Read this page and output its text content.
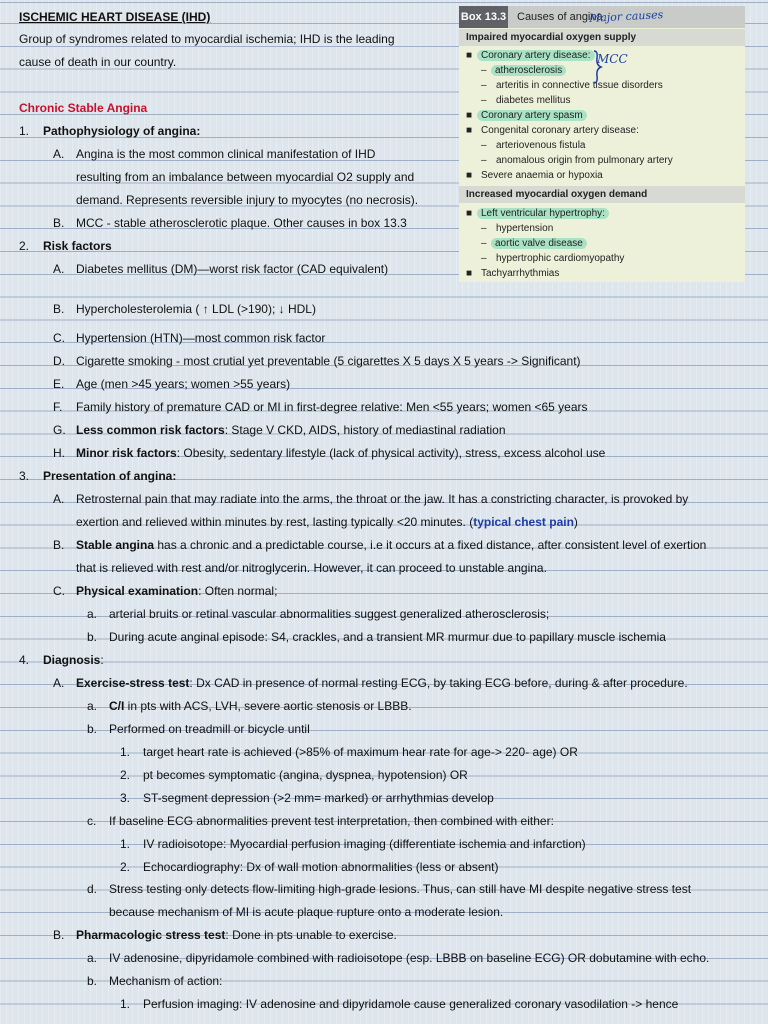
ISCHEMIC HEART DISEASE (IHD)
Group of syndromes related to myocardial ischemia; IHD is the leading
cause of death in our country.
Chronic Stable Angina
Box 13.3 Causes of angina
Major causes
Impaired myocardial oxygen supply
■ Coronary artery disease:
– atherosclerosis
– arteritis in connective tissue disorders
– diabetes mellitus
■ Coronary artery spasm
■ Congenital coronary artery disease:
– arteriovenous fistula
– anomalous origin from pulmonary artery
■ Severe anaemia or hypoxia
MCC
Increased myocardial oxygen demand
■ Left ventricular hypertrophy:
– hypertension
– aortic valve disease
– hypertrophic cardiomyopathy
■ Tachyarrhythmias
1. Pathophysiology of angina:
A. Angina is the most common clinical manifestation of IHD
resulting from an imbalance between myocardial O2 supply and
demand. Represents reversible injury to myocytes (no necrosis).
B. MCC - stable atherosclerotic plaque. Other causes in box 13.3
2. Risk factors
A. Diabetes mellitus (DM)—worst risk factor (CAD equivalent)
B. Hypercholesterolemia ( ↑ LDL (>190); ↓ HDL)
C. Hypertension (HTN)—most common risk factor
D. Cigarette smoking - most crutial yet preventable (5 cigarettes X 5 days X 5 years -> Significant)
E. Age (men >45 years; women >55 years)
F. Family history of premature CAD or MI in first-degree relative: Men <55 years; women <65 years
G. Less common risk factors: Stage V CKD, AIDS, history of mediastinal radiation
H. Minor risk factors: Obesity, sedentary lifestyle (lack of physical activity), stress, excess alcohol use
3. Presentation of angina:
A. Retrosternal pain that may radiate into the arms, the throat or the jaw. It has a constricting character, is provoked by
exertion and relieved within minutes by rest, lasting typically <20 minutes. (typical chest pain)
B. Stable angina has a chronic and a predictable course, i.e it occurs at a fixed distance, after consistent level of exertion
that is relieved with rest and/or nitroglycerin. However, it can proceed to unstable angina.
C. Physical examination: Often normal;
a. arterial bruits or retinal vascular abnormalities suggest generalized atherosclerosis;
b. During acute anginal episode: S4, crackles, and a transient MR murmur due to papillary muscle ischemia
4. Diagnosis:
A. Exercise-stress test: Dx CAD in presence of normal resting ECG, by taking ECG before, during & after procedure.
a. C/I in pts with ACS, LVH, severe aortic stenosis or LBBB.
b. Performed on treadmill or bicycle until
1. target heart rate is achieved (>85% of maximum hear rate for age-> 220- age) OR
2. pt becomes symptomatic (angina, dyspnea, hypotension) OR
3. ST-segment depression (>2 mm= marked) or arrhythmias develop
c. If baseline ECG abnormalities prevent test interpretation, then combined with either:
1. IV radioisotope: Myocardial perfusion imaging (differentiate ischemia and infarction)
2. Echocardiography: Dx of wall motion abnormalities (less or absent)
d. Stress testing only detects flow-limiting high-grade lesions. Thus, can still have MI despite negative stress test
because mechanism of MI is acute plaque rupture onto a moderate lesion.
B. Pharmacologic stress test: Done in pts unable to exercise.
a. IV adenosine, dipyridamole combined with radioisotope (esp. LBBB on baseline ECG) OR dobutamine with echo.
b. Mechanism of action:
1. Perfusion imaging: IV adenosine and dipyridamole cause generalized coronary vasodilation -> hence
